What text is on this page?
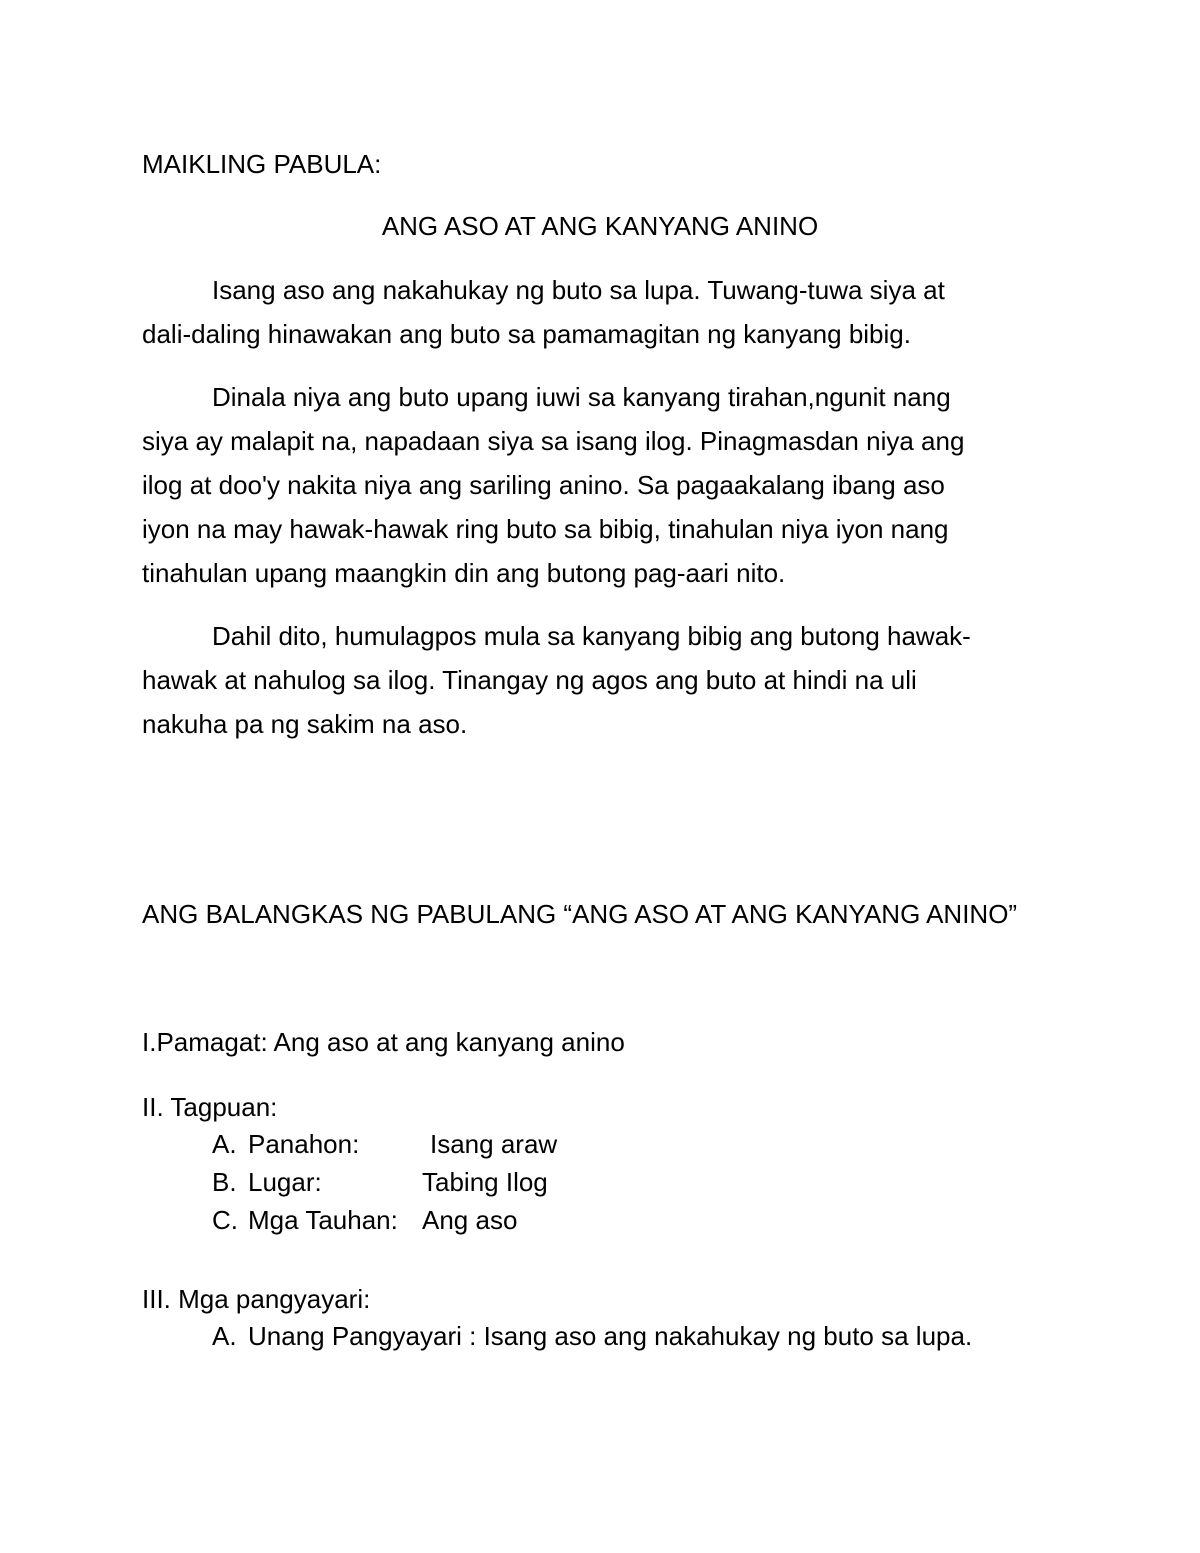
MAIKLING PABULA:
ANG ASO AT ANG KANYANG ANINO
Isang aso ang nakahukay ng buto sa lupa. Tuwang-tuwa siya at
dali-daling hinawakan ang buto sa pamamagitan ng kanyang bibig.
Dinala niya ang buto upang iuwi sa kanyang tirahan,ngunit nang
siya ay malapit na, napadaan siya sa isang ilog. Pinagmasdan niya ang
ilog at doo'y nakita niya ang sariling anino. Sa pagaakalang ibang aso
iyon na may hawak-hawak ring buto sa bibig, tinahulan niya iyon nang
tinahulan upang maangkin din ang butong pag-aari nito.
Dahil dito, humulagpos mula sa kanyang bibig ang butong hawak-
hawak at nahulog sa ilog. Tinangay ng agos ang buto at hindi na uli
nakuha pa ng sakim na aso.
ANG BALANGKAS NG PABULANG “ANG ASO AT ANG KANYANG ANINO”
I.Pamagat: Ang aso at ang kanyang anino
II. Tagpuan:
A. Panahon:	Isang araw
B. Lugar:	Tabing Ilog
C. Mga Tauhan: Ang aso
III. Mga pangyayari:
A. Unang Pangyayari : Isang aso ang nakahukay ng buto sa lupa.
